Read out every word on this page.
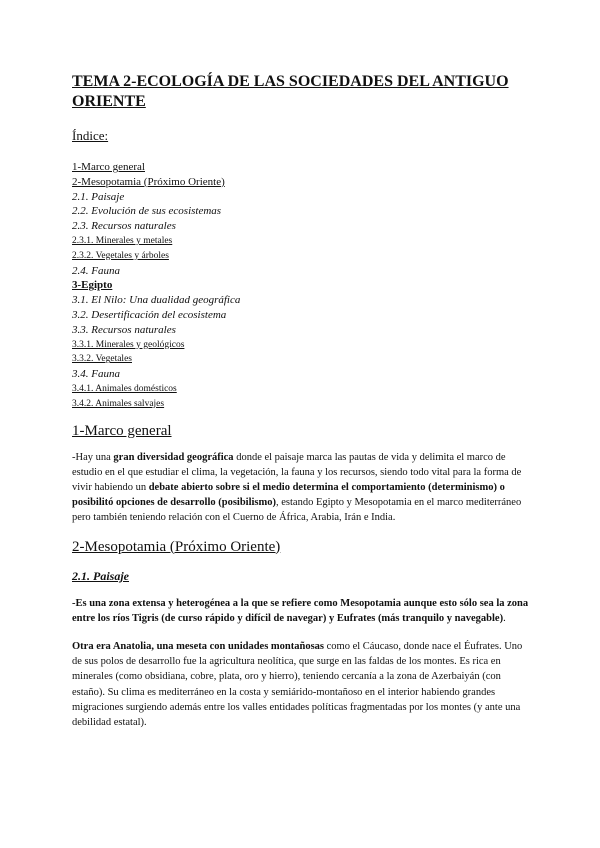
TEMA 2-ECOLOGÍA DE LAS SOCIEDADES DEL ANTIGUO ORIENTE
Índice:
1-Marco general
2-Mesopotamia (Próximo Oriente)
2.1. Paisaje
2.2. Evolución de sus ecosistemas
2.3. Recursos naturales
2.3.1. Minerales y metales
2.3.2. Vegetales y árboles
2.4. Fauna
3-Egipto
3.1. El Nilo: Una dualidad geográfica
3.2. Desertificación del ecosistema
3.3. Recursos naturales
3.3.1. Minerales y geológicos
3.3.2. Vegetales
3.4. Fauna
3.4.1. Animales domésticos
3.4.2. Animales salvajes
1-Marco general
-Hay una gran diversidad geográfica donde el paisaje marca las pautas de vida y delimita el marco de estudio en el que estudiar el clima, la vegetación, la fauna y los recursos, siendo todo vital para la forma de vivir habiendo un debate abierto sobre si el medio determina el comportamiento (determinismo) o posibilitó opciones de desarrollo (posibilismo), estando Egipto y Mesopotamia en el marco mediterráneo pero también teniendo relación con el Cuerno de África, Arabia, Irán e India.
2-Mesopotamia (Próximo Oriente)
2.1. Paisaje
-Es una zona extensa y heterogénea a la que se refiere como Mesopotamia aunque esto sólo sea la zona entre los ríos Tigris (de curso rápido y difícil de navegar) y Eufrates (más tranquilo y navegable).
Otra era Anatolia, una meseta con unidades montañosas como el Cáucaso, donde nace el Éufrates. Uno de sus polos de desarrollo fue la agricultura neolítica, que surge en las faldas de los montes. Es rica en minerales (como obsidiana, cobre, plata, oro y hierro), teniendo cercanía a la zona de Azerbaiyán (con estaño). Su clima es mediterráneo en la costa y semiárido-montañoso en el interior habiendo grandes migraciones surgiendo además entre los valles entidades políticas fragmentadas por los montes (y ante una debilidad estatal).
